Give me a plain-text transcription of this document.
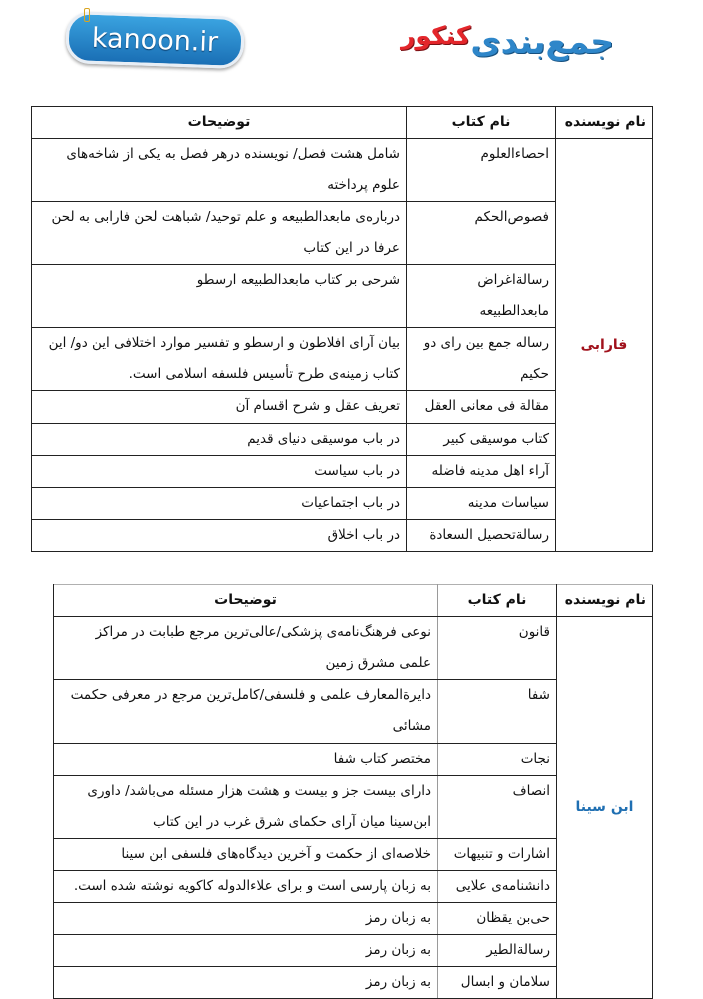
kanoon.ir	جمع‌بندی
کنکور
نام نویسنده	نام کتاب	توضیحات
فارابی	احصاءالعلوم	شامل هشت فصل/ نویسنده درهر فصل به یکی از شاخه‌های علوم پرداخته
	فصوص‌الحکم	درباره‌ی مابعدالطبیعه و علم توحید/ شباهت لحن فارابی به لحن عرفا در این کتاب
	رسالةاغراض مابعدالطبیعه	شرحی بر کتاب مابعدالطبیعه ارسطو
	رساله جمع بین رای دو حکیم	بیان آرای افلاطون و ارسطو و تفسیر موارد اختلافی این دو/ این کتاب زمینه‌ی طرح تأسیس فلسفه اسلامی است.
	مقالة فی معانی العقل	تعریف عقل و شرح اقسام آن
	کتاب موسیقی کبیر	در باب موسیقی دنیای قدیم
	آراء اهل مدینه فاضله	در باب سیاست
	سیاسات مدینه	در باب اجتماعیات
	رسالةتحصیل السعادة	در باب اخلاق
نام نویسنده	نام کتاب	توضیحات
ابن سینا	قانون	نوعی فرهنگ‌نامه‌ی پزشکی/عالی‌ترین مرجع طبابت در مراکز علمی مشرق زمین
	شفا	دایرةالمعارف علمی و فلسفی/کامل‌ترین مرجع در معرفی حکمت مشائی
	نجات	مختصر کتاب شفا
	انصاف	دارای بیست جز و بیست و هشت هزار مسئله می‌باشد/ داوری ابن‌سینا میان آرای حکمای شرق غرب در این کتاب
	اشارات و تنبیهات	خلاصه‌ای از حکمت و آخرین دیدگاه‌های فلسفی ابن سینا
	دانشنامه‌ی علایی	به زبان پارسی است و برای علاءالدوله کاکویه نوشته شده است.
	حی‌بن یقظان	به زبان رمز
	رسالةالطیر	به زبان رمز
	سلامان و ابسال	به زبان رمز
